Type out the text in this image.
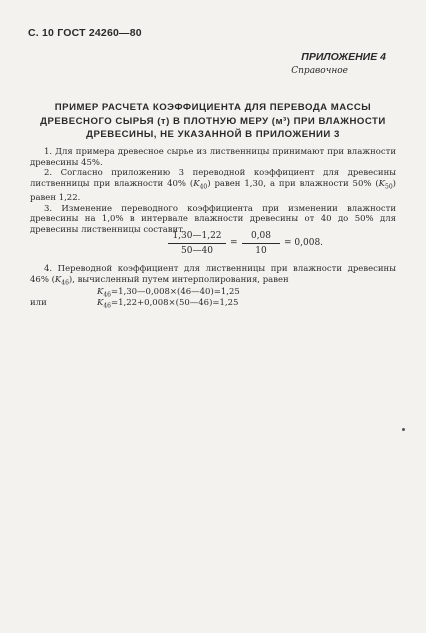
С. 10 ГОСТ 24260—80
ПРИЛОЖЕНИЕ 4
Справочное
ПРИМЕР РАСЧЕТА КОЭФФИЦИЕНТА ДЛЯ ПЕРЕВОДА МАССЫ
ДРЕВЕСНОГО СЫРЬЯ (т) В ПЛОТНУЮ МЕРУ (м³) ПРИ ВЛАЖНОСТИ
ДРЕВЕСИНЫ, НЕ УКАЗАННОЙ В ПРИЛОЖЕНИИ 3

1. Для примера древесное сырье из лиственницы принимают при влажности древесины 45%.

2. Согласно приложению 3 переводной коэффициент для древесины лиственницы при влажности 40% $(K_{40})$ равен 1,30, а при влажности 50% $(K_{50})$ равен 1,22.

3. Изменение переводного коэффициента при изменении влажности древесины на 1,0% в интервале влажности древесины от 40 до 50% для древесины лиственницы составит

$\frac{1,30—1,22}{50—40} = \frac{0,08}{10} = 0,008$.
4. Переводной коэффициент для лиственницы при влажности древесины 46% $(K_{46})$, вычисленный путем интерполирования, равен
$K_{46}=1,30—0,008\times(46—40)=1,25$
или	$K_{46}=1,22+0,008\times(50—46)=1,25$
